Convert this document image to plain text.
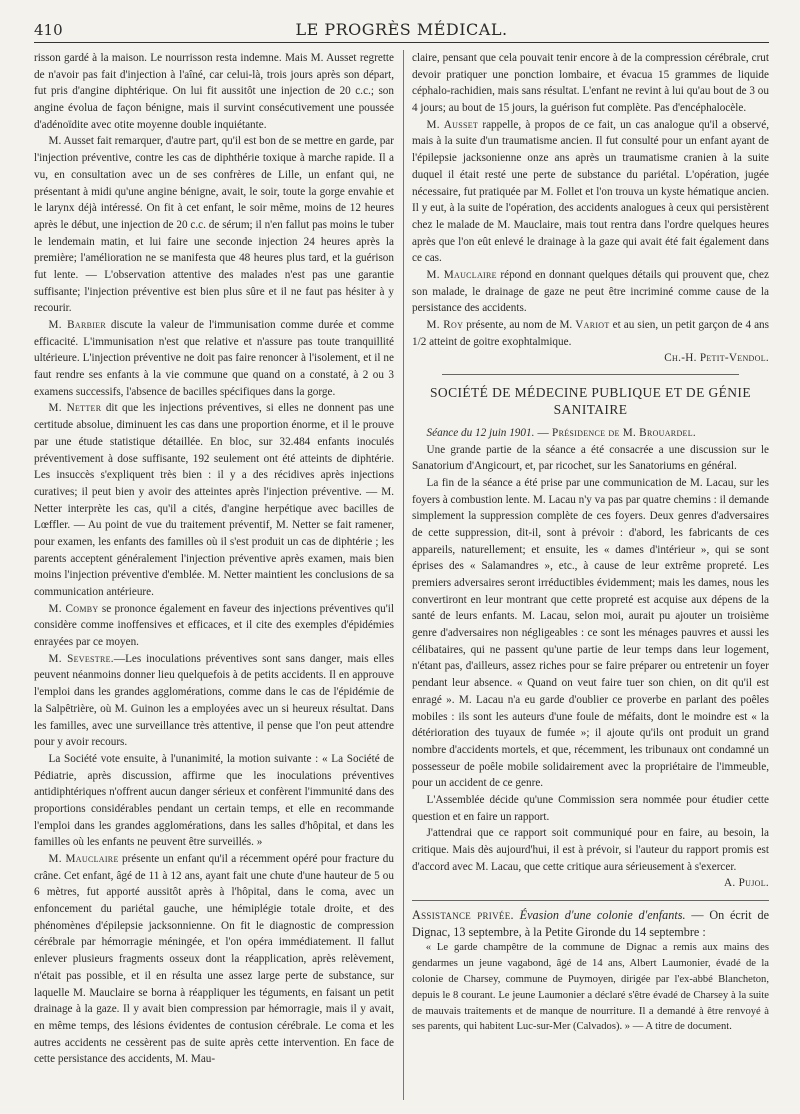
410	LE PROGRÈS MÉDICAL.

risson gardé à la maison. Le nourrisson resta indemne. Mais M. Ausset regrette de n'avoir pas fait d'injection à l'aîné, car celui-là, trois jours après son départ, fut pris d'angine diphtérique. On lui fit aussitôt une injection de 20 c.c.; son angine évolua de façon bénigne, mais il survint consécutivement une poussée d'adénoïdite avec otite moyenne double inquiétante.

M. Ausset fait remarquer, d'autre part, qu'il est bon de se mettre en garde, par l'injection préventive, contre les cas de diphthérie toxique à marche rapide. Il a vu, en consultation avec un de ses confrères de Lille, un enfant qui, ne présentant à midi qu'une angine bénigne, avait, le soir, toute la gorge envahie et le larynx déjà intéressé. On fit à cet enfant, le soir même, moins de 12 heures après le début, une injection de 20 c.c. de sérum; il n'en fallut pas moins le tuber le lendemain matin, et lui faire une seconde injection 24 heures après la première; l'amélioration ne se manifesta que 48 heures plus tard, et la guérison fut lente. — L'observation attentive des malades n'est pas une garantie suffisante; l'injection préventive est bien plus sûre et il ne faut pas hésiter à y recourir.

M. Barbier discute la valeur de l'immunisation comme durée et comme efficacité. L'immunisation n'est que relative et n'assure pas toute tranquillité ultérieure. L'injection préventive ne doit pas faire renoncer à l'isolement, et il ne faut rendre ses enfants à la vie commune que quand on a constaté, à 2 ou 3 examens successifs, l'absence de bacilles spécifiques dans la gorge.

M. Netter dit que les injections préventives, si elles ne donnent pas une certitude absolue, diminuent les cas dans une proportion énorme, et il le prouve par une étude statistique détaillée. En bloc, sur 32.484 enfants inoculés préventivement à dose suffisante, 192 seulement ont été atteints de diphtérie. Les insuccès s'expliquent très bien : il y a des récidives après injections curatives; il peut bien y avoir des atteintes après l'injection préventive. — M. Netter interprète les cas, qu'il a cités, d'angine herpétique avec bacilles de Lœffler. — Au point de vue du traitement préventif, M. Netter se fait ramener, pour examen, les enfants des familles où il s'est produit un cas de diphtérie ; les parents acceptent généralement l'injection préventive après examen, mais bien moins l'injection préventive d'emblée. M. Netter maintient les conclusions de sa communication antérieure.

M. Comby se prononce également en faveur des injections préventives qu'il considère comme inoffensives et efficaces, et il cite des exemples d'épidémies enrayées par ce moyen.

M. Sevestre.—Les inoculations préventives sont sans danger, mais elles peuvent néanmoins donner lieu quelquefois à de petits accidents. Il en approuve l'emploi dans les grandes agglomérations, comme dans le cas de l'épidémie de la Salpêtrière, où M. Guinon les a employées avec un si heureux résultat. Dans les familles, avec une surveillance très attentive, il pense que l'on peut attendre pour y avoir recours.

La Société vote ensuite, à l'unanimité, la motion suivante : « La Société de Pédiatrie, après discussion, affirme que les inoculations préventives antidiphtériques n'offrent aucun danger sérieux et confèrent l'immunité dans des proportions considérables pendant un certain temps, et elle en recommande l'emploi dans les grandes agglomérations, dans les salles d'hôpital, et dans les familles où les enfants ne peuvent être surveillés. »

M. Mauclaire présente un enfant qu'il a récemment opéré pour fracture du crâne. Cet enfant, âgé de 11 à 12 ans, ayant fait une chute d'une hauteur de 5 ou 6 mètres, fut apporté aussitôt après à l'hôpital, dans le coma, avec un enfoncement du pariétal gauche, une hémiplégie totale droite, et des phénomènes d'épilepsie jacksonnienne. On fit le diagnostic de compression cérébrale par hémorragie méningée, et l'on opéra immédiatement. Il fallut enlever plusieurs fragments osseux dont la réapplication, après relèvement, n'était pas possible, et il en résulta une assez large perte de substance, sur laquelle M. Mauclaire se borna à réappliquer les téguments, en faisant un petit drainage à la gaze. Il y avait bien compression par hémorragie, mais il y avait, en même temps, des lésions évidentes de contusion cérébrale. Le coma et les autres accidents ne cessèrent pas de suite après cette intervention. En face de cette persistance des accidents, M. Mau-

claire, pensant que cela pouvait tenir encore à de la compression cérébrale, crut devoir pratiquer une ponction lombaire, et évacua 15 grammes de liquide céphalo-rachidien, mais sans résultat. L'enfant ne revint à lui qu'au bout de 3 ou 4 jours; au bout de 15 jours, la guérison fut complète. Pas d'encéphalocèle.

M. Ausset rappelle, à propos de ce fait, un cas analogue qu'il a observé, mais à la suite d'un traumatisme ancien. Il fut consulté pour un enfant ayant de l'épilepsie jacksonienne onze ans après un traumatisme cranien à la suite duquel il était resté une perte de substance du pariétal. L'opération, jugée nécessaire, fut pratiquée par M. Follet et l'on trouva un kyste hématique ancien. Il y eut, à la suite de l'opération, des accidents analogues à ceux qui persistèrent chez le malade de M. Mauclaire, mais tout rentra dans l'ordre quelques heures après que l'on eût enlevé le drainage à la gaze qui avait été fait également dans ce cas.

M. Mauclaire répond en donnant quelques détails qui prouvent que, chez son malade, le drainage de gaze ne peut être incriminé comme cause de la persistance des accidents.

M. Roy présente, au nom de M. Variot et au sien, un petit garçon de 4 ans 1/2 atteint de goitre exophtalmique.

Ch.-H. Petit-Vendol.

SOCIÉTÉ DE MÉDECINE PUBLIQUE ET DE GÉNIE SANITAIRE

Séance du 12 juin 1901. — Présidence de M. Brouardel.

Une grande partie de la séance a été consacrée a une discussion sur le Sanatorium d'Angicourt, et, par ricochet, sur les Sanatoriums en général.

La fin de la séance a été prise par une communication de M. Lacau, sur les foyers à combustion lente. M. Lacau n'y va pas par quatre chemins : il demande simplement la suppression complète de ces foyers. Deux genres d'adversaires de cette suppression, dit-il, sont à prévoir : d'abord, les fabricants de ces appareils, naturellement; et ensuite, les « dames d'intérieur », qui se sont éprises des « Salamandres », etc., à cause de leur extrême propreté. Les premiers adversaires seront irréductibles évidemment; mais les dames, nous les convertiront en leur montrant que cette propreté est acquise aux dépens de la santé de leurs enfants. M. Lacau, selon moi, aurait pu ajouter un troisième genre d'adversaires non négligeables : ce sont les ménages pauvres et aussi les célibataires, qui ne passent qu'une partie de leur temps dans leur logement, n'étant pas, d'ailleurs, assez riches pour se faire préparer ou entretenir un foyer pendant leur absence. « Quand on veut faire tuer son chien, on dit qu'il est enragé ». M. Lacau n'a eu garde d'oublier ce proverbe en parlant des poêles mobiles : ils sont les auteurs d'une foule de méfaits, dont le moindre est « la détérioration des tuyaux de fumée »; il ajoute qu'ils ont produit un grand nombre d'accidents mortels, et que, récemment, les tribunaux ont condamné un possesseur de poêle mobile solidairement avec la propriétaire de l'immeuble, pour un accident de ce genre.

L'Assemblée décide qu'une Commission sera nommée pour étudier cette question et en faire un rapport.

J'attendrai que ce rapport soit communiqué pour en faire, au besoin, la critique. Mais dès aujourd'hui, il est à prévoir, si l'auteur du rapport promis est d'accord avec M. Lacau, que cette critique aura sérieusement à s'exercer.

A. Pujol.

Assistance privée. Évasion d'une colonie d'enfants. — On écrit de Dignac, 13 septembre, à la Petite Gironde du 14 septembre :

« Le garde champêtre de la commune de Dignac a remis aux mains des gendarmes un jeune vagabond, âgé de 14 ans, Albert Laumonier, évadé de la colonie de Charsey, commune de Puymoyen, dirigée par l'ex-abbé Blancheton, depuis le 8 courant. Le jeune Laumonier a déclaré s'être évadé de Charsey à la suite de mauvais traitements et de manque de nourriture. Il a demandé à être renvoyé à ses parents, qui habitent Luc-sur-Mer (Calvados). » — A titre de document.
